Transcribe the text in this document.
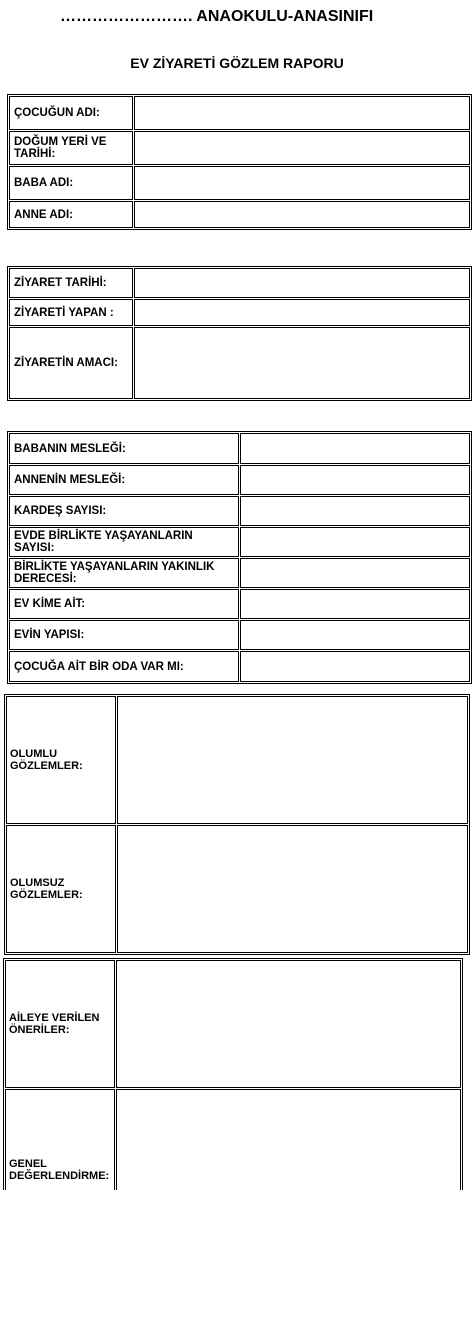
……………………. ANAOKULU-ANASINIFI
EV ZİYARETİ GÖZLEM RAPORU
ÇOCUĞUN ADI:	
DOĞUM YERİ VE TARİHİ:	
BABA ADI:	
ANNE ADI:	
ZİYARET TARİHİ:	
ZİYARETİ YAPAN :	
ZİYARETİN AMACI:	
BABANIN MESLEĞİ:	
ANNENİN MESLEĞİ:	
KARDEŞ SAYISI:	
EVDE BİRLİKTE YAŞAYANLARIN SAYISI:	
BİRLİKTE YAŞAYANLARIN YAKINLIK DERECESİ:	
EV KİME AİT:	
EVİN YAPISI:	
ÇOCUĞA AİT BİR ODA VAR MI:	
OLUMLU GÖZLEMLER:	
OLUMSUZ GÖZLEMLER:	
AİLEYE VERİLEN ÖNERİLER:	
GENEL DEĞERLENDİRME:	
